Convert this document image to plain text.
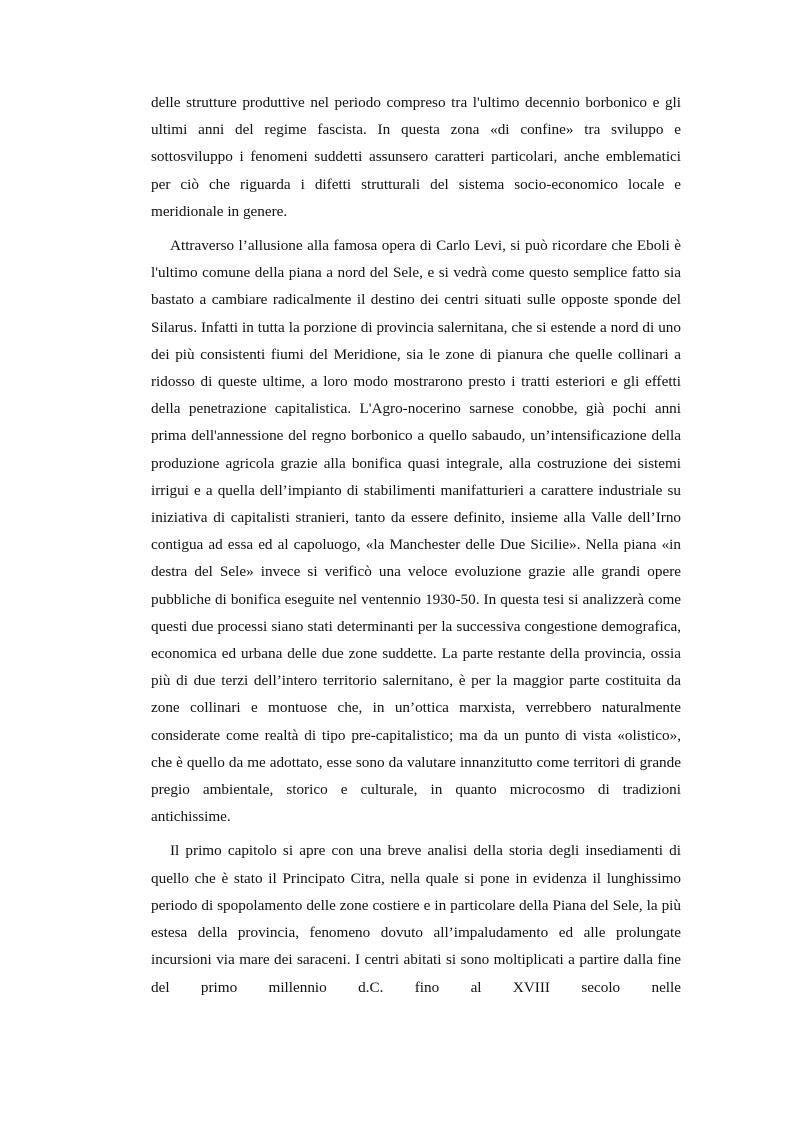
delle strutture produttive nel periodo compreso tra l'ultimo decennio borbonico e gli ultimi anni del regime fascista. In questa zona «di confine» tra sviluppo e sottosviluppo i fenomeni suddetti assunsero caratteri particolari, anche emblematici per ciò che riguarda i difetti strutturali del sistema socio-economico locale e meridionale in genere.

Attraverso l’allusione alla famosa opera di Carlo Levi, si può ricordare che Eboli è l'ultimo comune della piana a nord del Sele, e si vedrà come questo semplice fatto sia bastato a cambiare radicalmente il destino dei centri situati sulle opposte sponde del Silarus. Infatti in tutta la porzione di provincia salernitana, che si estende a nord di uno dei più consistenti fiumi del Meridione, sia le zone di pianura che quelle collinari a ridosso di queste ultime, a loro modo mostrarono presto i tratti esteriori e gli effetti della penetrazione capitalistica. L'Agro-nocerino sarnese conobbe, già pochi anni prima dell'annessione del regno borbonico a quello sabaudo, un’intensificazione della produzione agricola grazie alla bonifica quasi integrale, alla costruzione dei sistemi irrigui e a quella dell’impianto di stabilimenti manifatturieri a carattere industriale su iniziativa di capitalisti stranieri, tanto da essere definito, insieme alla Valle dell’Irno contigua ad essa ed al capoluogo, «la Manchester delle Due Sicilie». Nella piana «in destra del Sele» invece si verificò una veloce evoluzione grazie alle grandi opere pubbliche di bonifica eseguite nel ventennio 1930-50. In questa tesi si analizzerà come questi due processi siano stati determinanti per la successiva congestione demografica, economica ed urbana delle due zone suddette. La parte restante della provincia, ossia più di due terzi dell’intero territorio salernitano, è per la maggior parte costituita da zone collinari e montuose che, in un’ottica marxista, verrebbero naturalmente considerate come realtà di tipo pre-capitalistico; ma da un punto di vista «olistico», che è quello da me adottato, esse sono da valutare innanzitutto come territori di grande pregio ambientale, storico e culturale, in quanto microcosmo di tradizioni antichissime.

Il primo capitolo si apre con una breve analisi della storia degli insediamenti di quello che è stato il Principato Citra, nella quale si pone in evidenza il lunghissimo periodo di spopolamento delle zone costiere e in particolare della Piana del Sele, la più estesa della provincia, fenomeno dovuto all’impaludamento ed alle prolungate incursioni via mare dei saraceni. I centri abitati si sono moltiplicati a partire dalla fine del primo millennio d.C. fino al XVIII secolo nelle
